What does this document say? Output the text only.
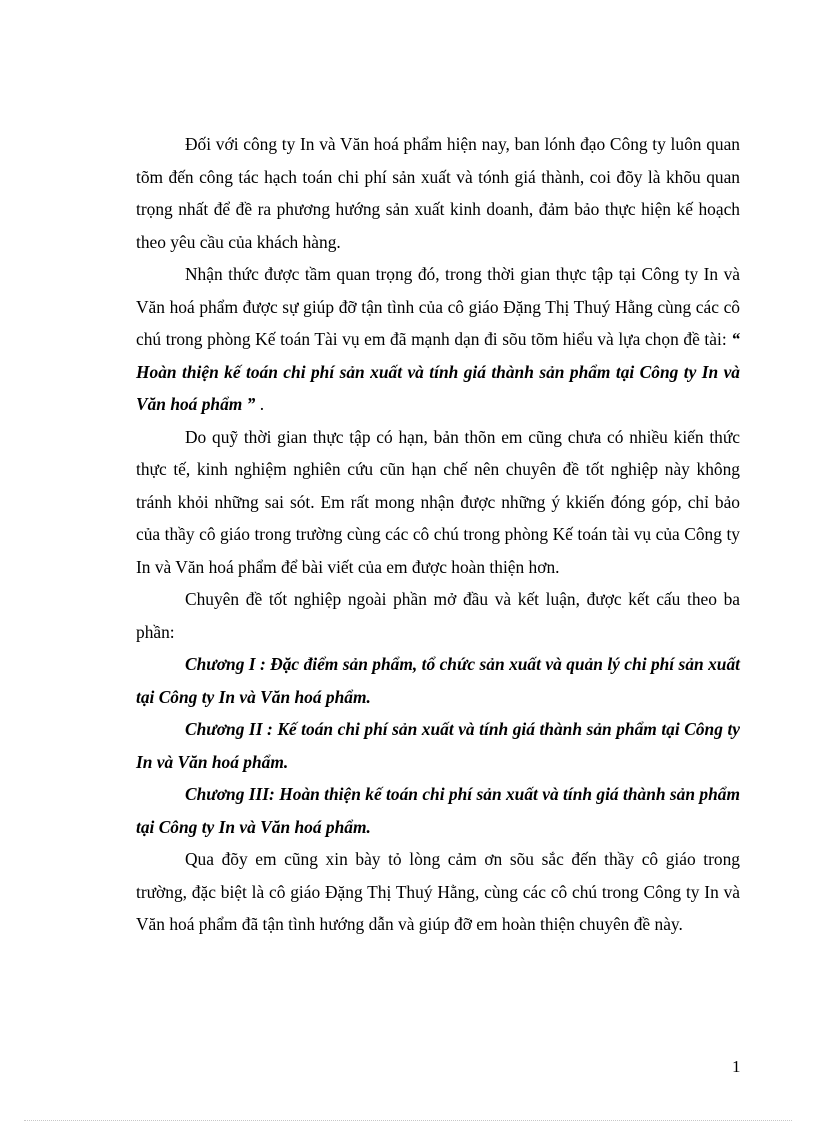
Đối với công ty In và Văn hoá phẩm hiện nay, ban lónh đạo Công ty luôn quan tõm đến công tác hạch toán chi phí sản xuất và tónh giá thành, coi đõy là khõu quan trọng nhất để đề ra phương hướng sản xuất kinh doanh, đảm bảo thực hiện kế hoạch theo yêu cầu của khách hàng.

Nhận thức được tầm quan trọng đó, trong thời gian thực tập tại Công ty In và Văn hoá phẩm được sự giúp đỡ tận tình của cô giáo Đặng Thị Thuý Hằng cùng các cô chú trong phòng Kế toán Tài vụ em đã mạnh dạn đi sõu tõm hiểu và lựa chọn đề tài: “ Hoàn thiện kế toán chi phí sản xuất và tính giá thành sản phẩm tại Công ty In và Văn hoá phẩm ” .

Do quỹ thời gian thực tập có hạn, bản thõn em cũng chưa có nhiều kiến thức thực tế, kinh nghiệm nghiên cứu cũn hạn chế nên chuyên đề tốt nghiệp này không tránh khỏi những sai sót. Em rất mong nhận được những ý kkiến đóng góp, chỉ bảo của thầy cô giáo trong trường cùng các cô chú trong phòng Kế toán tài vụ của Công ty In và Văn hoá phẩm để bài viết của em được hoàn thiện hơn.

Chuyên đề tốt nghiệp ngoài phần mở đầu và kết luận, được kết cấu theo ba phần:

Chương I : Đặc điểm sản phẩm, tổ chức sản xuất và quản lý chi phí sản xuất tại Công ty In và Văn hoá phẩm.

Chương II : Kế toán chi phí sản xuất và tính giá thành sản phẩm tại Công ty In và Văn hoá phẩm.

Chương III: Hoàn thiện kế toán chi phí sản xuất và tính giá thành sản phẩm tại Công ty In và Văn hoá phẩm.

Qua đõy em cũng xin bày tỏ lòng cảm ơn sõu sắc đến thầy cô giáo trong trường, đặc biệt là cô giáo Đặng Thị Thuý Hằng, cùng các cô chú trong Công ty In và Văn hoá phẩm đã tận tình hướng dẫn và giúp đỡ em hoàn thiện chuyên đề này.

1
